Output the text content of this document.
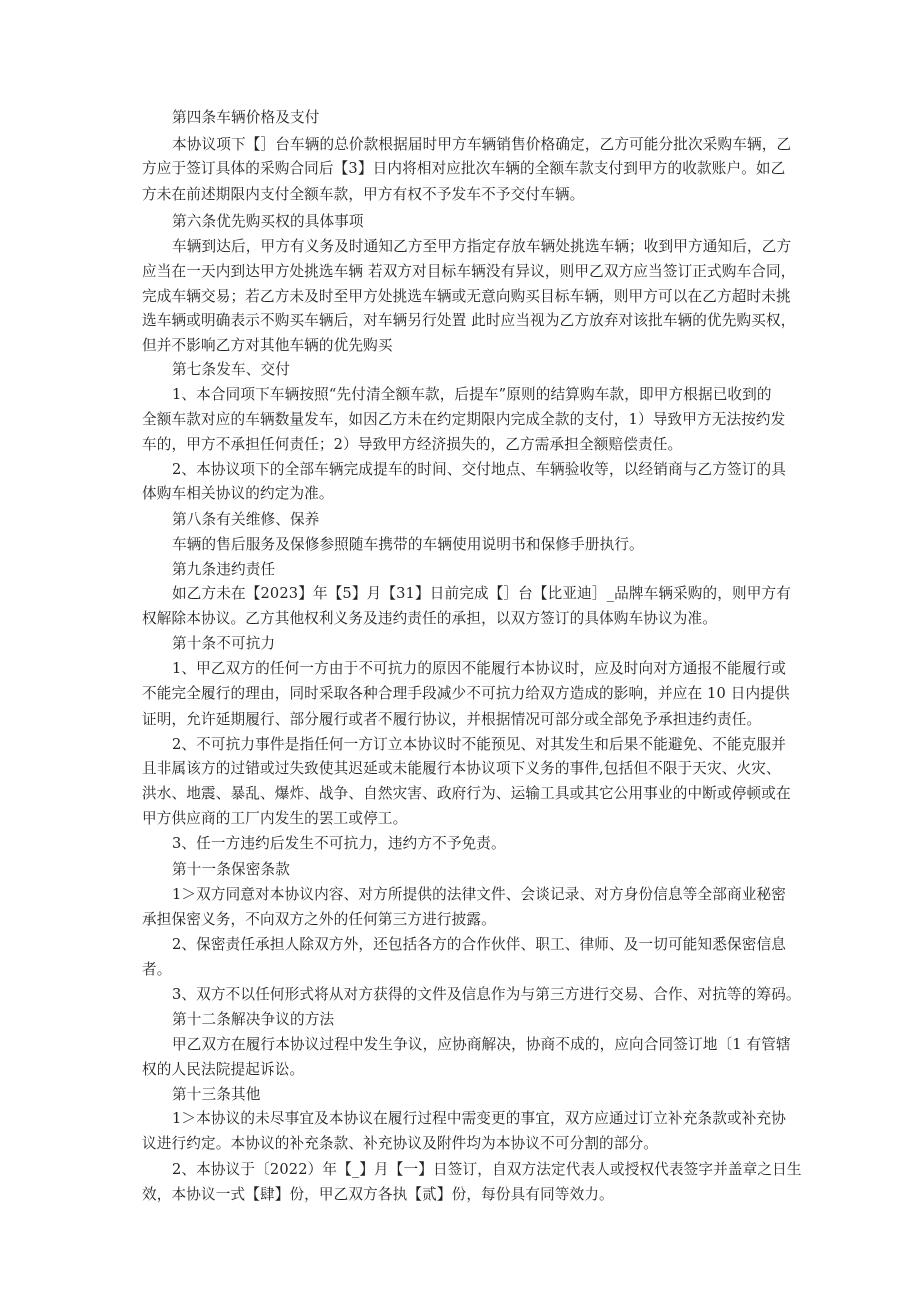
第四条车辆价格及支付
本协议项下【］台车辆的总价款根据届时甲方车辆销售价格确定，乙方可能分批次采购车辆，乙
方应于签订具体的采购合同后【3】日内将相对应批次车辆的全额车款支付到甲方的收款账户。如乙
方未在前述期限内支付全额车款，甲方有权不予发车不予交付车辆。
第六条优先购买权的具体事项
车辆到达后，甲方有义务及时通知乙方至甲方指定存放车辆处挑选车辆；收到甲方通知后，乙方
应当在一天内到达甲方处挑选车辆 若双方对目标车辆没有异议，则甲乙双方应当签订正式购车合同，
完成车辆交易；若乙方未及时至甲方处挑选车辆或无意向购买目标车辆，则甲方可以在乙方超时未挑
选车辆或明确表示不购买车辆后，对车辆另行处置 此时应当视为乙方放弃对该批车辆的优先购买权，
但并不影响乙方对其他车辆的优先购买
第七条发车、交付
1、本合同项下车辆按照“先付清全额车款，后提车”原则的结算购车款，即甲方根据已收到的
全额车款对应的车辆数量发车，如因乙方未在约定期限内完成全款的支付，1）导致甲方无法按约发
车的，甲方不承担任何责任；2）导致甲方经济损失的，乙方需承担全额赔偿责任。
2、本协议项下的全部车辆完成提车的时间、交付地点、车辆验收等，以经销商与乙方签订的具
体购车相关协议的约定为准。
第八条有关维修、保养
车辆的售后服务及保修参照随车携带的车辆使用说明书和保修手册执行。
第九条违约责任
如乙方未在【2023】年【5】月【31】日前完成【］台【比亚迪］_品牌车辆采购的，则甲方有
权解除本协议。乙方其他权利义务及违约责任的承担，以双方签订的具体购车协议为准。
第十条不可抗力
1、甲乙双方的任何一方由于不可抗力的原因不能履行本协议时，应及时向对方通报不能履行或
不能完全履行的理由，同时采取各种合理手段减少不可抗力给双方造成的影响，并应在 10 日内提供
证明，允许延期履行、部分履行或者不履行协议，并根据情况可部分或全部免予承担违约责任。
2、不可抗力事件是指任何一方订立本协议时不能预见、对其发生和后果不能避免、不能克服并
且非属该方的过错或过失致使其迟延或未能履行本协议项下义务的事件,包括但不限于天灾、火灾、
洪水、地震、暴乱、爆炸、战争、自然灾害、政府行为、运输工具或其它公用事业的中断或停顿或在
甲方供应商的工厂内发生的罢工或停工。
3、任一方违约后发生不可抗力，违约方不予免责。
第十一条保密条款
1＞双方同意对本协议内容、对方所提供的法律文件、会谈记录、对方身份信息等全部商业秘密
承担保密义务，不向双方之外的任何第三方进行披露。
2、保密责任承担人除双方外，还包括各方的合作伙伴、职工、律师、及一切可能知悉保密信息
者。
3、双方不以任何形式将从对方获得的文件及信息作为与第三方进行交易、合作、对抗等的筹码。
第十二条解决争议的方法
甲乙双方在履行本协议过程中发生争议，应协商解决，协商不成的，应向合同签订地〔1 有管辖
权的人民法院提起诉讼。
第十三条其他
1＞本协议的未尽事宜及本协议在履行过程中需变更的事宜，双方应通过订立补充条款或补充协
议进行约定。本协议的补充条款、补充协议及附件均为本协议不可分割的部分。
2、本协议于〔2022）年【_】月【一】日签订，自双方法定代表人或授权代表签字并盖章之日生
效，本协议一式【肆】份，甲乙双方各执【贰】份，每份具有同等效力。
